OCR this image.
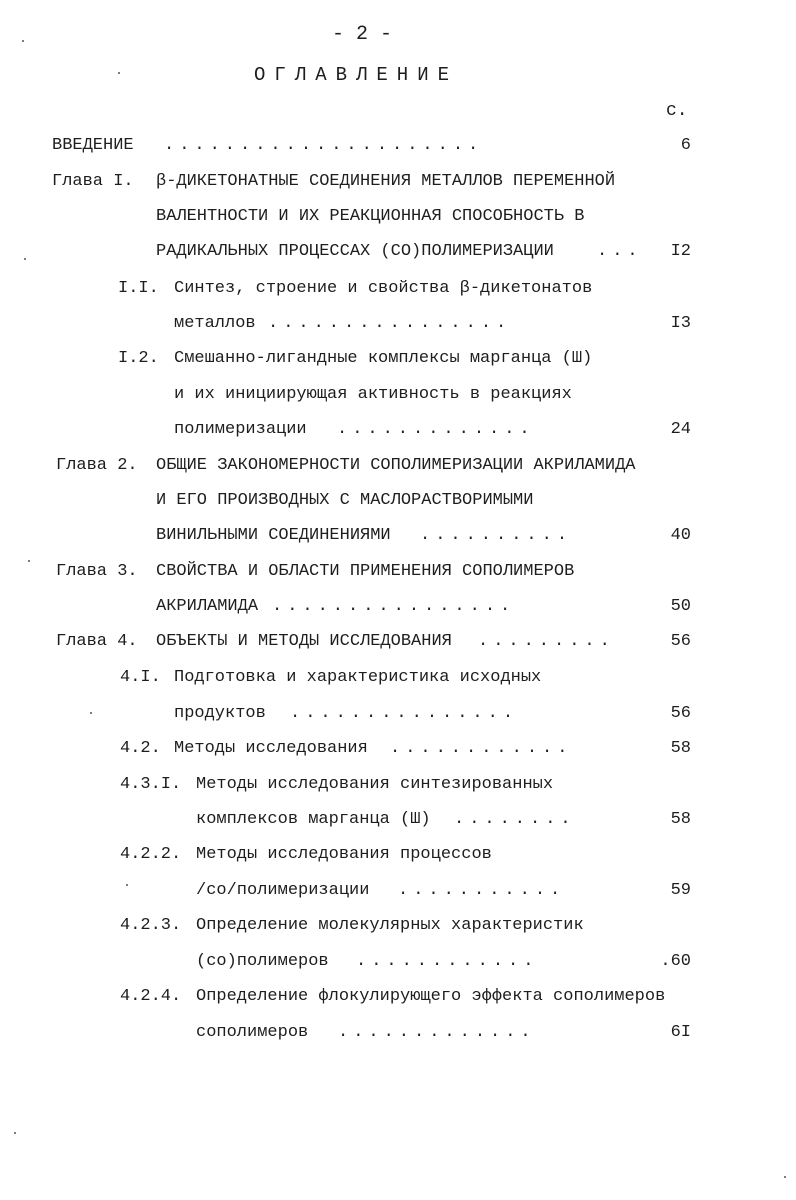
- 2 -
ОГЛАВЛЕНИЕ
с.
ВВЕДЕНИЕ .....................	6
Глава I. β-ДИКЕТОНАТНЫЕ СОЕДИНЕНИЯ МЕТАЛЛОВ ПЕРЕМЕННОЙ
ВАЛЕНТНОСТИ И ИХ РЕАКЦИОННАЯ СПОСОБНОСТЬ В
РАДИКАЛЬНЫХ ПРОЦЕССАХ (СО)ПОЛИМЕРИЗАЦИИ	...	I2
I.I. Синтез, строение и свойства β-дикетонатов
металлов ................	I3
I.2. Смешанно-лигандные комплексы марганца (Ш)
и их инициирующая активность в реакциях
полимеризации .............	24
Глава 2. ОБЩИЕ ЗАКОНОМЕРНОСТИ СОПОЛИМЕРИЗАЦИИ АКРИЛАМИДА
И ЕГО ПРОИЗВОДНЫХ С МАСЛОРАСТВОРИМЫМИ
ВИНИЛЬНЫМИ СОЕДИНЕНИЯМИ ..........	40
Глава 3. СВОЙСТВА И ОБЛАСТИ ПРИМЕНЕНИЯ СОПОЛИМЕРОВ
АКРИЛАМИДА ................	50
Глава 4. ОБЪЕКТЫ И МЕТОДЫ ИССЛЕДОВАНИЯ .........	56
4.I. Подготовка и характеристика исходных
продуктов ...............	56
4.2. Методы исследования ............	58
4.3.I. Методы исследования синтезированных
комплексов марганца (Ш) ........	58
4.2.2. Методы исследования процессов
/со/полимеризации ...........	59
4.2.3. Определение молекулярных характеристик
(со)полимеров ............	.60
4.2.4. Определение флокулирующего эффекта сополимеров
сополимеров .............	6I
